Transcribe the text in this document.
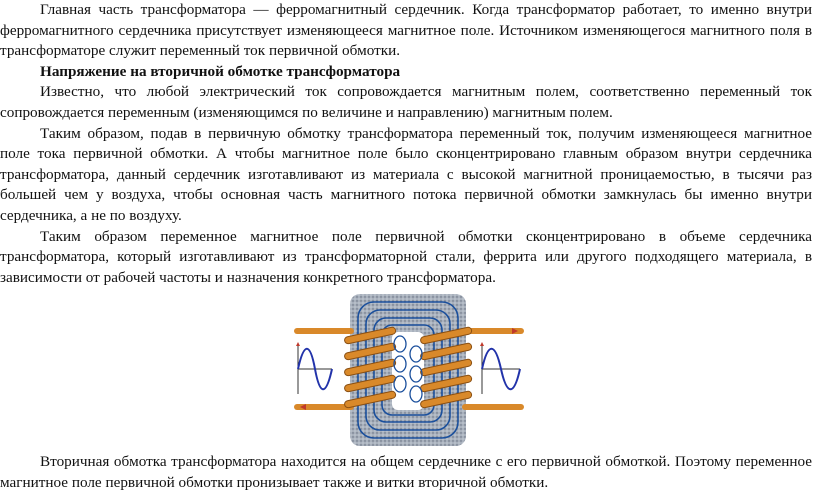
Главная часть трансформатора — ферромагнитный сердечник. Когда трансформатор работает, то именно внутри ферромагнитного сердечника присутствует изменяющееся магнитное поле. Источником изменяющегося магнитного поля в трансформаторе служит переменный ток первичной обмотки.

Напряжение на вторичной обмотке трансформатора

Известно, что любой электрический ток сопровождается магнитным полем, соответственно переменный ток сопровождается переменным (изменяющимся по величине и направлению) магнитным полем.

Таким образом, подав в первичную обмотку трансформатора переменный ток, получим изменяющееся магнитное поле тока первичной обмотки. А чтобы магнитное поле было сконцентрировано главным образом внутри сердечника трансформатора, данный сердечник изготавливают из материала с высокой магнитной проницаемостью, в тысячи раз большей чем у воздуха, чтобы основная часть магнитного потока первичной обмотки замкнулась бы именно внутри сердечника, а не по воздуху.

Таким образом переменное магнитное поле первичной обмотки сконцентрировано в объеме сердечника трансформатора, который изготавливают из трансформаторной стали, феррита или другого подходящего материала, в зависимости от рабочей частоты и назначения конкретного трансформатора.

Вторичная обмотка трансформатора находится на общем сердечнике с его первичной обмоткой. Поэтому переменное магнитное поле первичной обмотки пронизывает также и витки вторичной обмотки.
